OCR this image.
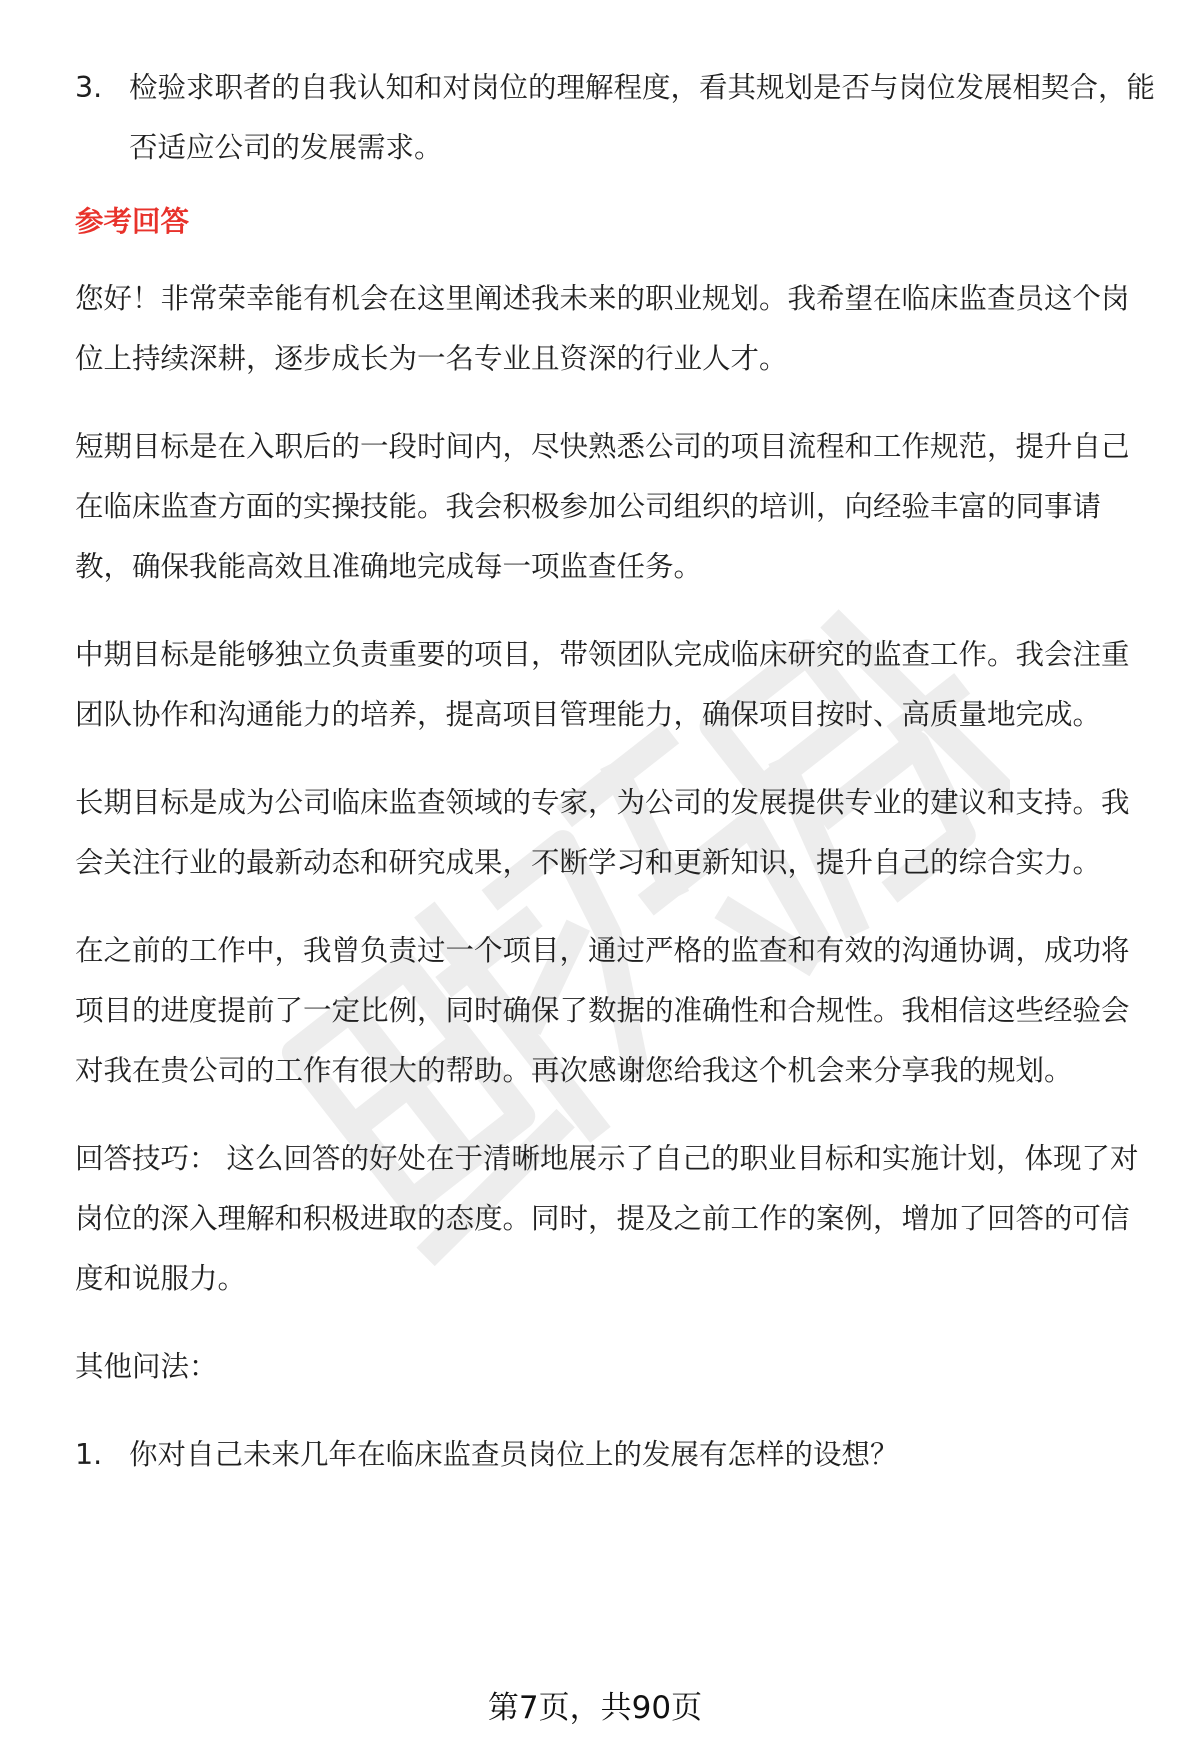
3. 检验求职者的自我认知和对岗位的理解程度，看其规划是否与岗位发展相契合，能否适应公司的发展需求。

参考回答

您好！非常荣幸能有机会在这里阐述我未来的职业规划。我希望在临床监查员这个岗位上持续深耕，逐步成长为一名专业且资深的行业人才。

短期目标是在入职后的一段时间内，尽快熟悉公司的项目流程和工作规范，提升自己在临床监查方面的实操技能。我会积极参加公司组织的培训，向经验丰富的同事请教，确保我能高效且准确地完成每一项监查任务。

中期目标是能够独立负责重要的项目，带领团队完成临床研究的监查工作。我会注重团队协作和沟通能力的培养，提高项目管理能力，确保项目按时、高质量地完成。

长期目标是成为公司临床监查领域的专家，为公司的发展提供专业的建议和支持。我会关注行业的最新动态和研究成果，不断学习和更新知识，提升自己的综合实力。

在之前的工作中，我曾负责过一个项目，通过严格的监查和有效的沟通协调，成功将项目的进度提前了一定比例，同时确保了数据的准确性和合规性。我相信这些经验会对我在贵公司的工作有很大的帮助。再次感谢您给我这个机会来分享我的规划。

回答技巧： 这么回答的好处在于清晰地展示了自己的职业目标和实施计划，体现了对岗位的深入理解和积极进取的态度。同时，提及之前工作的案例，增加了回答的可信度和说服力。

其他问法：

1. 你对自己未来几年在临床监查员岗位上的发展有怎样的设想？

第7页，共90页
